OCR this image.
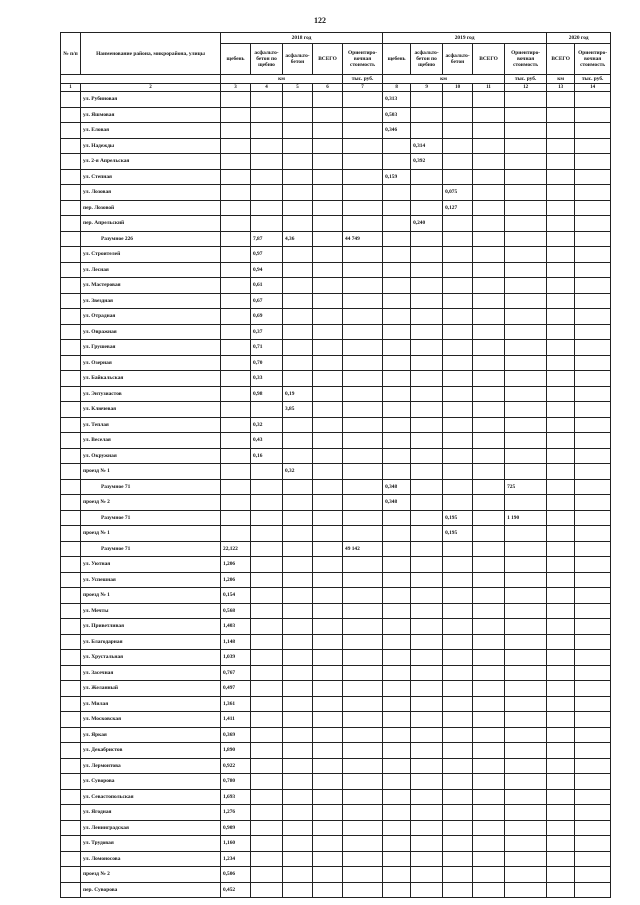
122
№ п/п	Наименование района, микрорайона, улицы	2018 год					2019 год					2020 год	
		щебень	асфальто-бетон по щебню	асфальто-бетон	ВСЕГО	Ориентиро-вочная стоимость	щебень	асфальто-бетон по щебню	асфальто-бетон	ВСЕГО	Ориентиро-вочная стоимость	ВСЕГО	Ориентиро-вочная стоимость
		км				тыс. руб.	км				тыс. руб.	км	тыс. руб.
1	2	3	4	5	6	7	8	9	10	11	12	13	14
	ул. Рубиновая						0,313						
	ул. Яшмовая						0,503						
	ул. Еловая						0,346						
	ул. Надежды							0,314					
	ул. 2-я Апрельская							0,392					
	ул. Степная						0,159						
	ул. Лозовая								0,075				
	пер. Лозовой								0,127				
	пер. Апрельский							0,240					
	Разумное 226		7,87	4,36		44 749							
	ул. Строителей		0,97										
	ул. Лесная		0,94										
	ул. Мастеровая		0,61										
	ул. Звездная		0,67										
	ул. Отрадная		0,69										
	ул. Овражная		0,37										
	ул. Грушевая		0,71										
	ул. Озерная		0,70										
	ул. Байкальская		0,33										
	ул. Энтузиастов		0,98	0,19									
	ул. Ключевая			3,85									
	ул. Теплая		0,32										
	ул. Веселая		0,43										
	ул. Окружная		0,16										
	проезд № 1			0,32									
	Разумное 71						0,348				725		
	проезд № 2						0,348						
	Разумное 71								0,195		1 190		
	проезд № 1								0,195				
	Разумное 71	22,122				49 142							
	ул. Уютная	1,206											
	ул. Успешная	1,206											
	проезд № 1	0,154											
	ул. Мечты	0,568											
	ул. Приветливая	1,403											
	ул. Благодарная	1,148											
	ул. Хрустальная	1,039											
	ул. Засечная	0,767											
	ул. Желанный	0,497											
	ул. Милая	1,361											
	ул. Московская	1,411											
	ул. Яркая	0,369											
	ул. Декабристов	1,890											
	ул. Лермонтова	0,922											
	ул. Суворова	0,780											
	ул. Севастопольская	1,693											
	ул. Ягодная	1,276											
	ул. Ленинградская	0,909											
	ул. Трудовая	1,160											
	ул. Ломоносова	1,234											
	проезд № 2	0,506											
	пер. Суворова	0,452											
